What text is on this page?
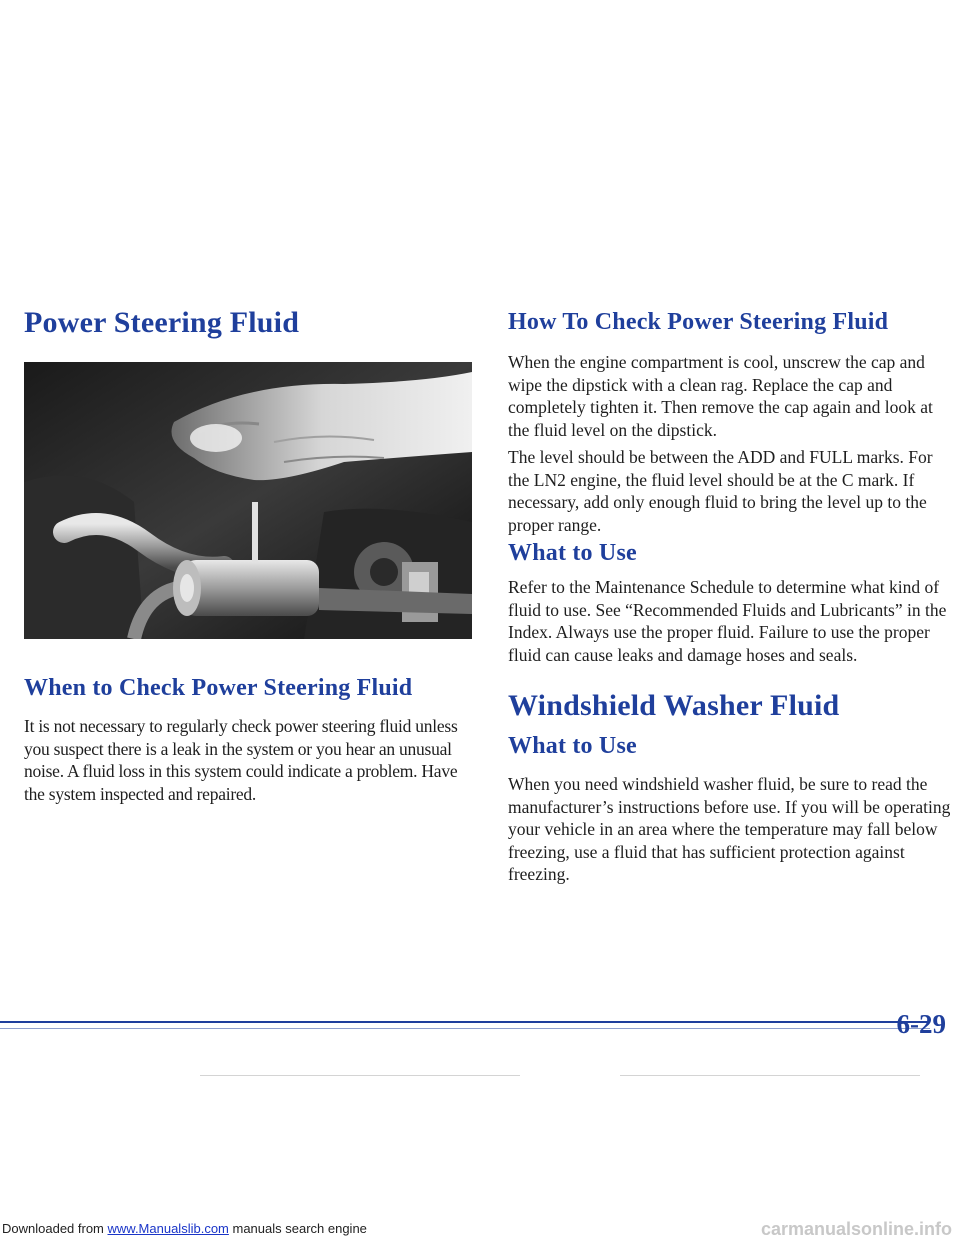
Power Steering Fluid
When to Check Power Steering Fluid

It is not necessary to regularly check power steering fluid unless you suspect there is a leak in the system or you hear an unusual noise. A fluid loss in this system could indicate a problem. Have the system inspected and repaired.

How To Check Power Steering Fluid

When the engine compartment is cool, unscrew the cap and wipe the dipstick with a clean rag. Replace the cap and completely tighten it. Then remove the cap again and look at the fluid level on the dipstick.

The level should be between the ADD and FULL marks. For the LN2 engine, the fluid level should be at the C mark. If necessary, add only enough fluid to bring the level up to the proper range.

What to Use

Refer to the Maintenance Schedule to determine what kind of fluid to use. See “Recommended Fluids and Lubricants” in the Index. Always use the proper fluid. Failure to use the proper fluid can cause leaks and damage hoses and seals.

Windshield Washer Fluid
What to Use

When you need windshield washer fluid, be sure to read the manufacturer’s instructions before use. If you will be operating your vehicle in an area where the temperature may fall below freezing, use a fluid that has sufficient protection against freezing.

6-29

Downloaded from www.Manualslib.com manuals search engine	carmanualsonline.info
